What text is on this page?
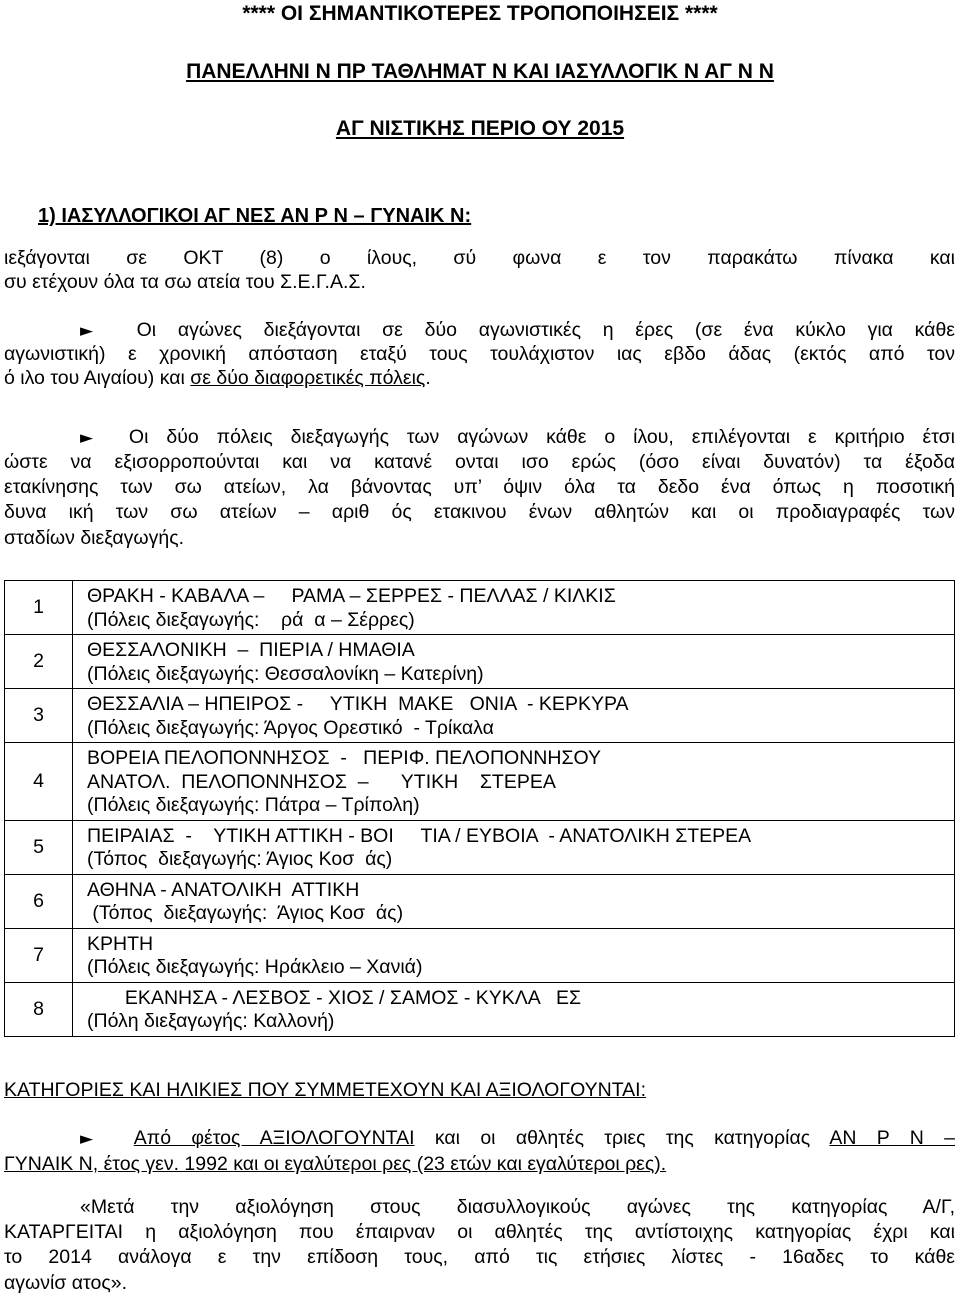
**** ΟΙ ΣΗΜΑΝΤΙΚΟΤΕΡΕΣ ΤΡΟΠΟΠΟΙΗΣΕΙΣ ****
ΠΑΝΕΛΛΗΝΙ Ν ΠΡ ΤΑΘΛΗΜΑΤ Ν ΚΑΙ ΙΑΣΥΛΛΟΓΙΚ Ν ΑΓ Ν Ν
ΑΓ ΝΙΣΤΙΚΗΣ ΠΕΡΙΟ ΟΥ 2015
1) ΙΑΣΥΛΛΟΓΙΚΟΙ ΑΓ ΝΕΣ ΑΝ Ρ Ν – ΓΥΝΑΙΚ Ν:
ιεξάγονται σε ΟΚΤ (8) ο ίλους, σύ φωνα ε τον παρακάτω πίνακα και
συ ετέχουν όλα τα σω ατεία του Σ.Ε.Γ.Α.Σ.
► Οι αγώνες διεξάγονται σε δύο αγωνιστικές η έρες (σε ένα κύκλο για κάθε
αγωνιστική) ε χρονική απόσταση εταξύ τους τουλάχιστον ιας εβδο άδας (εκτός από τον
ό ιλο του Αιγαίου) και σε δύο διαφορετικές πόλεις.
► Οι δύο πόλεις διεξαγωγής των αγώνων κάθε ο ίλου, επιλέγονται ε κριτήριο έτσι
ώστε να εξισορροπούνται και να κατανέ ονται ισο ερώς (όσο είναι δυνατόν) τα έξοδα
ετακίνησης των σω ατείων, λα βάνοντας υπ’ όψιν όλα τα δεδο ένα όπως η ποσοτική
δυνα ική των σω ατείων – αριθ ός ετακινου ένων αθλητών και οι προδιαγραφές των
σταδίων διεξαγωγής.
1	ΘΡΑΚΗ - ΚΑΒΑΛΑ –     ΡΑΜΑ – ΣΕΡΡΕΣ - ΠΕΛΛΑΣ / ΚΙΛΚΙΣ
(Πόλεις διεξαγωγής:    ρά  α – Σέρρες)

2	ΘΕΣΣΑΛΟΝΙΚΗ  –  ΠΙΕΡΙΑ / ΗΜΑΘΙΑ
(Πόλεις διεξαγωγής: Θεσσαλονίκη – Κατερίνη)

3	ΘΕΣΣΑΛΙΑ – ΗΠΕΙΡΟΣ -     ΥΤΙΚΗ  ΜΑΚΕ   ΟΝΙΑ  - ΚΕΡΚΥΡΑ
(Πόλεις διεξαγωγής: Άργος Ορεστικό  - Τρίκαλα

4	ΒΟΡΕΙΑ ΠΕΛΟΠΟΝΝΗΣΟΣ  -   ΠΕΡΙΦ. ΠΕΛΟΠΟΝΝΗΣΟΥ
ΑΝΑΤΟΛ.  ΠΕΛΟΠΟΝΝΗΣΟΣ  –      ΥΤΙΚΗ    ΣΤΕΡΕΑ
(Πόλεις διεξαγωγής: Πάτρα – Τρίπολη)

5	ΠΕΙΡΑΙΑΣ  -    ΥΤΙΚΗ ΑΤΤΙΚΗ - ΒΟΙ     ΤΙΑ / ΕΥΒΟΙΑ  - ΑΝΑΤΟΛΙΚΗ ΣΤΕΡΕΑ
(Τόπος  διεξαγωγής: Άγιος Κοσ  άς)

6	ΑΘΗΝΑ - ΑΝΑΤΟΛΙΚΗ  ΑΤΤΙΚΗ
(Τόπος  διεξαγωγής:  Άγιος Κοσ  άς)

7	ΚΡΗΤΗ
(Πόλεις διεξαγωγής: Ηράκλειο – Χανιά)

8	ΕΚΑΝΗΣΑ - ΛΕΣΒΟΣ - ΧΙΟΣ / ΣΑΜΟΣ - ΚΥΚΛΑ   ΕΣ
(Πόλη διεξαγωγής: Καλλονή)
ΚΑΤΗΓΟΡΙΕΣ ΚΑΙ ΗΛΙΚΙΕΣ ΠΟΥ ΣΥΜΜΕΤΕΧΟΥΝ ΚΑΙ ΑΞΙΟΛΟΓΟΥΝΤΑΙ:
► Από φέτος ΑΞΙΟΛΟΓΟΥΝΤΑΙ και οι αθλητές τριες της κατηγορίας ΑΝ Ρ Ν –
ΓΥΝΑΙΚ Ν, έτος γεν. 1992 και οι εγαλύτεροι ρες (23 ετών και εγαλύτεροι ρες).
«Μετά την αξιολόγηση στους διασυλλογικούς αγώνες της κατηγορίας Α/Γ,
ΚΑΤΑΡΓΕΙΤΑΙ η αξιολόγηση που έπαιρναν οι αθλητές της αντίστοιχης κατηγορίας έχρι και
το 2014 ανάλογα ε την επίδοση τους, από τις ετήσιες λίστες - 16αδες το κάθε
αγωνίσ ατος».
